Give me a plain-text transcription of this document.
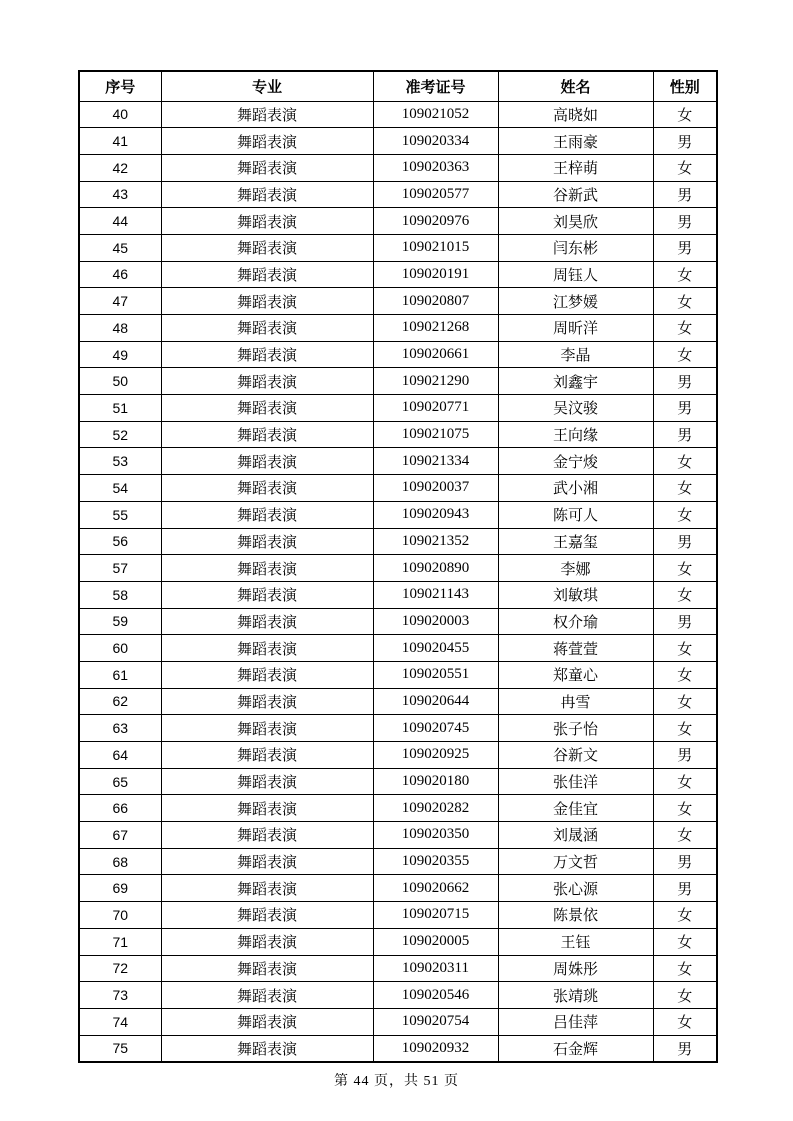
序号	专业	准考证号	姓名	性别
40	舞蹈表演	109021052	高晓如	女
41	舞蹈表演	109020334	王雨豪	男
42	舞蹈表演	109020363	王梓萌	女
43	舞蹈表演	109020577	谷新武	男
44	舞蹈表演	109020976	刘昊欣	男
45	舞蹈表演	109021015	闫东彬	男
46	舞蹈表演	109020191	周钰人	女
47	舞蹈表演	109020807	江梦媛	女
48	舞蹈表演	109021268	周昕洋	女
49	舞蹈表演	109020661	李晶	女
50	舞蹈表演	109021290	刘鑫宇	男
51	舞蹈表演	109020771	吴汶骏	男
52	舞蹈表演	109021075	王向缘	男
53	舞蹈表演	109021334	金宁焌	女
54	舞蹈表演	109020037	武小湘	女
55	舞蹈表演	109020943	陈可人	女
56	舞蹈表演	109021352	王嘉玺	男
57	舞蹈表演	109020890	李娜	女
58	舞蹈表演	109021143	刘敏琪	女
59	舞蹈表演	109020003	权介瑜	男
60	舞蹈表演	109020455	蒋萱萱	女
61	舞蹈表演	109020551	郑童心	女
62	舞蹈表演	109020644	冉雪	女
63	舞蹈表演	109020745	张子怡	女
64	舞蹈表演	109020925	谷新文	男
65	舞蹈表演	109020180	张佳洋	女
66	舞蹈表演	109020282	金佳宜	女
67	舞蹈表演	109020350	刘晟涵	女
68	舞蹈表演	109020355	万文哲	男
69	舞蹈表演	109020662	张心源	男
70	舞蹈表演	109020715	陈景依	女
71	舞蹈表演	109020005	王钰	女
72	舞蹈表演	109020311	周姝彤	女
73	舞蹈表演	109020546	张靖珧	女
74	舞蹈表演	109020754	吕佳萍	女
75	舞蹈表演	109020932	石金辉	男
第 44 页，共 51 页
